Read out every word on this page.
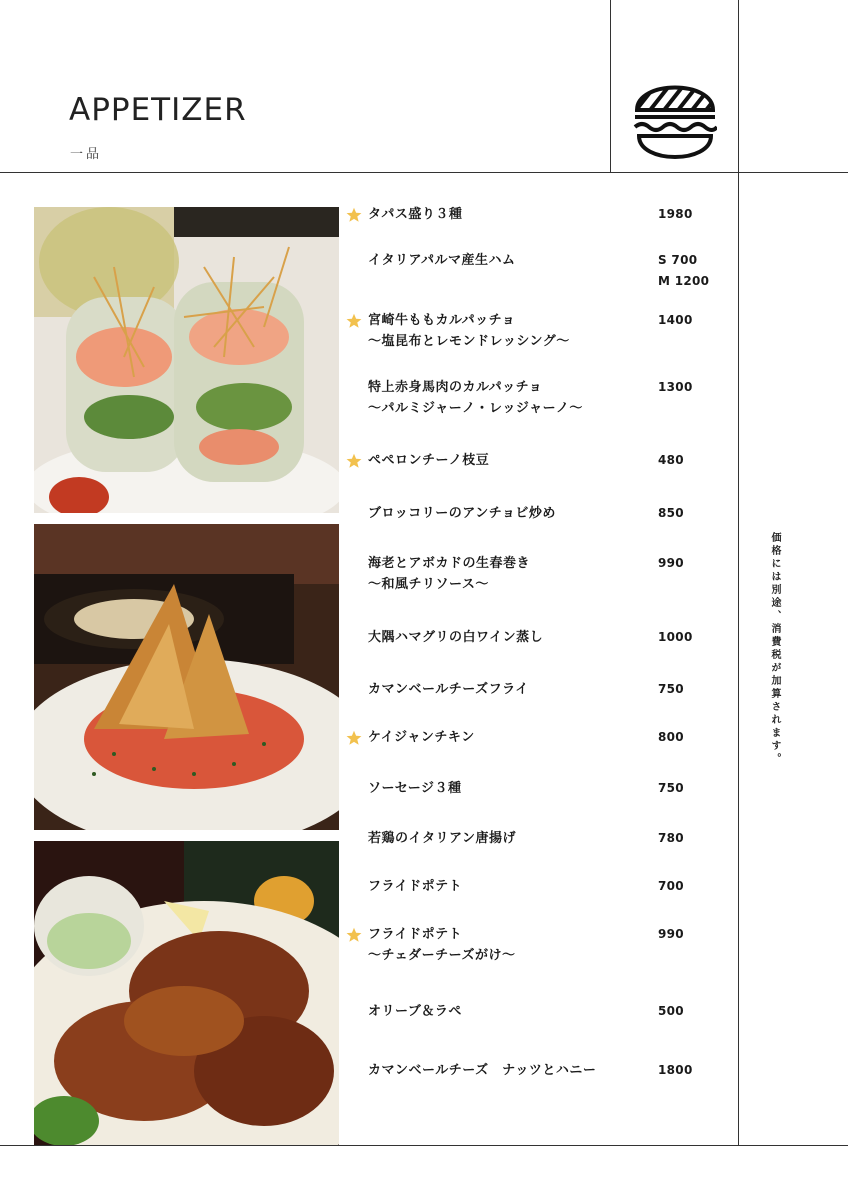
APPETIZER
一品
タパス盛り３種	1980
イタリアパルマ産生ハム	S 700
M 1200
宮崎牛ももカルパッチョ
～塩昆布とレモンドレッシング～
1400
特上赤身馬肉のカルパッチョ
～パルミジャーノ・レッジャーノ～
1300
ペペロンチーノ枝豆	480
ブロッコリーのアンチョビ炒め	850
海老とアボカドの生春巻き
～和風チリソース～
990
大隅ハマグリの白ワイン蒸し	1000
カマンベールチーズフライ	750
ケイジャンチキン	800
ソーセージ３種	750
若鶏のイタリアン唐揚げ	780
フライドポテト	700
フライドポテト
～チェダーチーズがけ～
990
オリーブ＆ラペ	500
カマンベールチーズ　ナッツとハニー	1800
価格には別途、消費税が加算されます。
